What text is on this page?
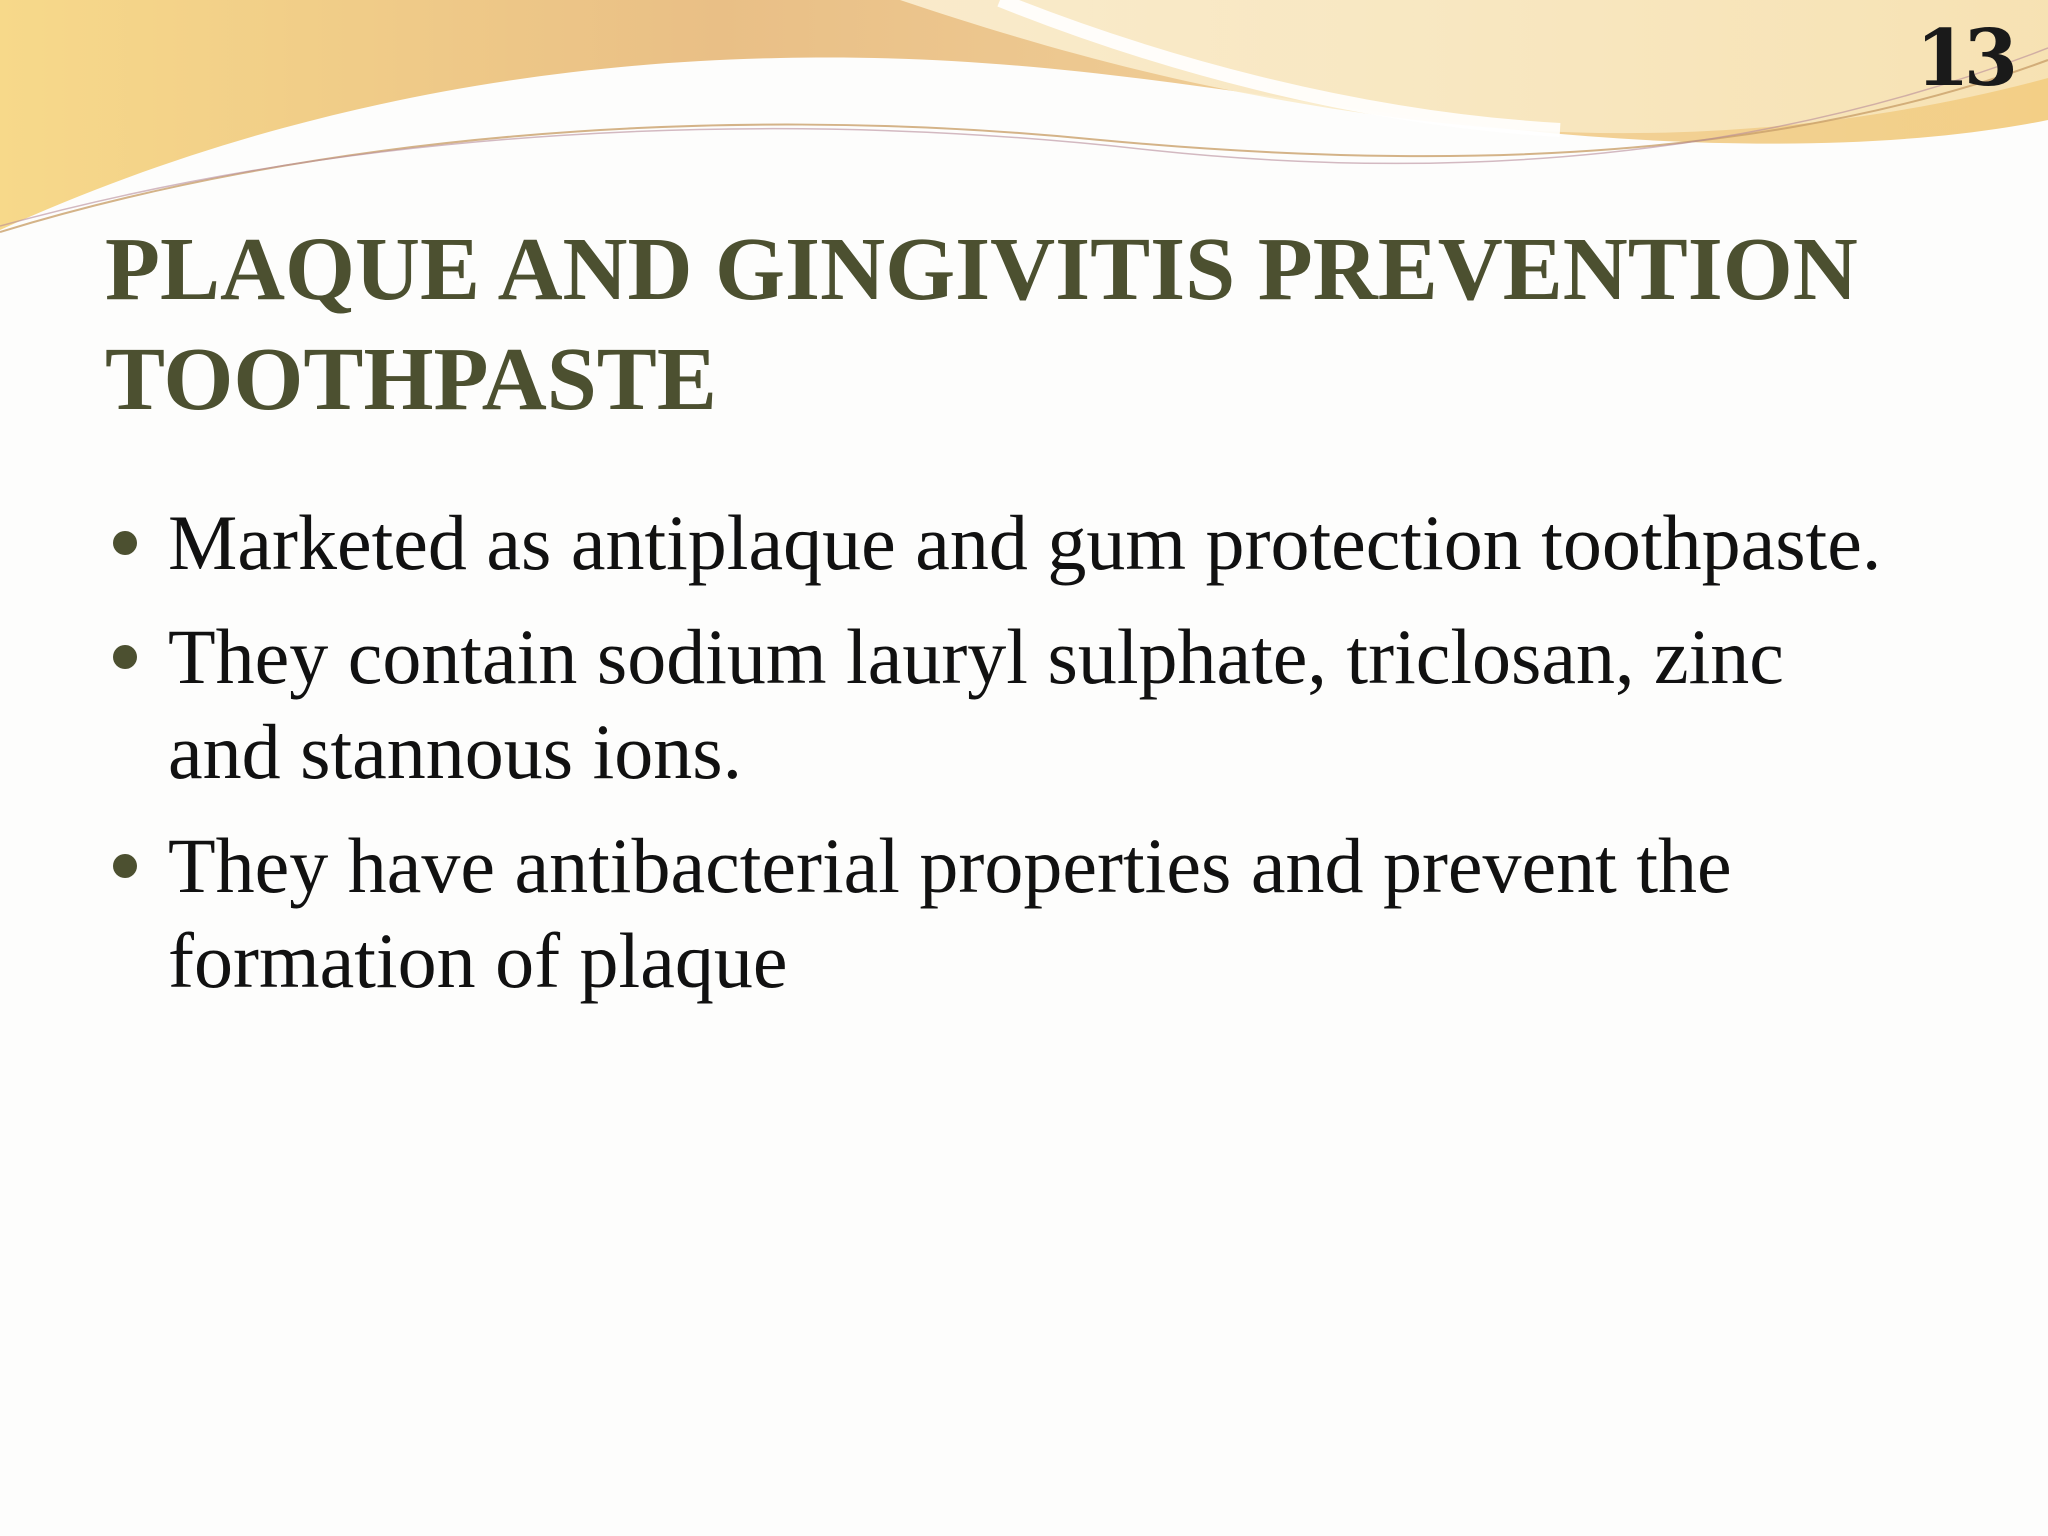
13
PLAQUE AND GINGIVITIS PREVENTION TOOTHPASTE
Marketed as antiplaque and gum protection toothpaste.
They contain sodium lauryl sulphate, triclosan, zinc and stannous ions.
They have antibacterial properties and prevent the formation of plaque
